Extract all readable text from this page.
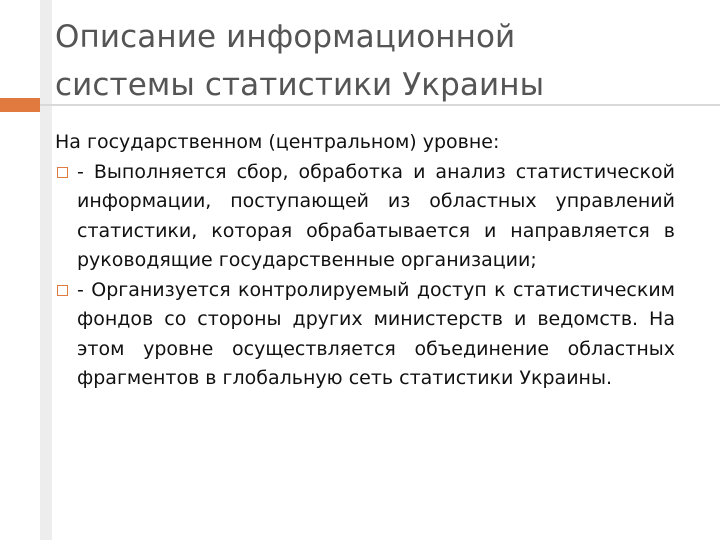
Описание информационной
системы статистики Украины

На государственном (центральном) уровне:

- Выполняется сбор, обработка и анализ статистической информации, поступающей из областных управлений статистики, которая обрабатывается и направляется в руководящие государственные организации;

- Организуется контролируемый доступ к статистическим фондов со стороны других министерств и ведомств. На этом уровне осуществляется объединение областных фрагментов в глобальную сеть статистики Украины.
